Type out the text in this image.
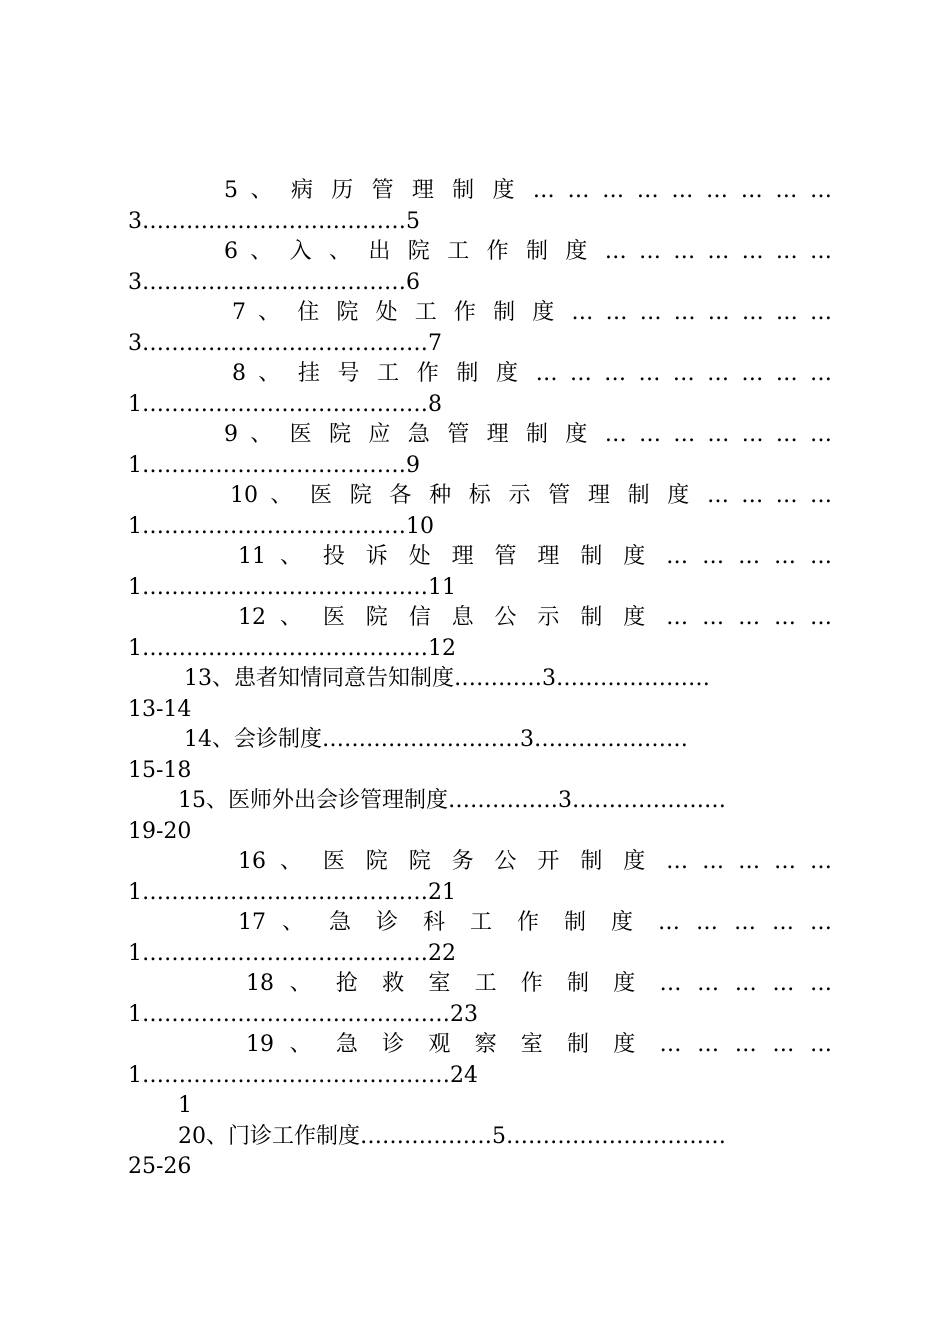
5 、 病 历 管 理 制 度 … … … … … … … … …
3………………………………5
6 、 入 、 出 院 工 作 制 度 … … … … … … …
3………………………………6
7 、 住 院 处 工 作 制 度 … … … … … … … …
3…………………………………7
8 、 挂 号 工 作 制 度 … … … … … … … … …
1…………………………………8
9 、 医 院 应 急 管 理 制 度 … … … … … … …
1………………………………9
10 、 医 院 各 种 标 示 管 理 制 度 … … … …
1………………………………10
11 、 投 诉 处 理 管 理 制 度 … … … … …
1…………………………………11
12 、 医 院 信 息 公 示 制 度 … … … … …
1…………………………………12
13、患者知情同意告知制度…………3…………………
13-14
14、会诊制度………………………3…………………
15-18
15、医师外出会诊管理制度……………3…………………
19-20
16 、 医 院 院 务 公 开 制 度 … … … … …
1…………………………………21
17 、 急 诊 科 工 作 制 度 … … … … …
1…………………………………22
18 、 抢 救 室 工 作 制 度 … … … … …
1……………………………………23
19 、 急 诊 观 察 室 制 度 … … … … …
1……………………………………24
1
20、门诊工作制度………………5…………………………
25-26
